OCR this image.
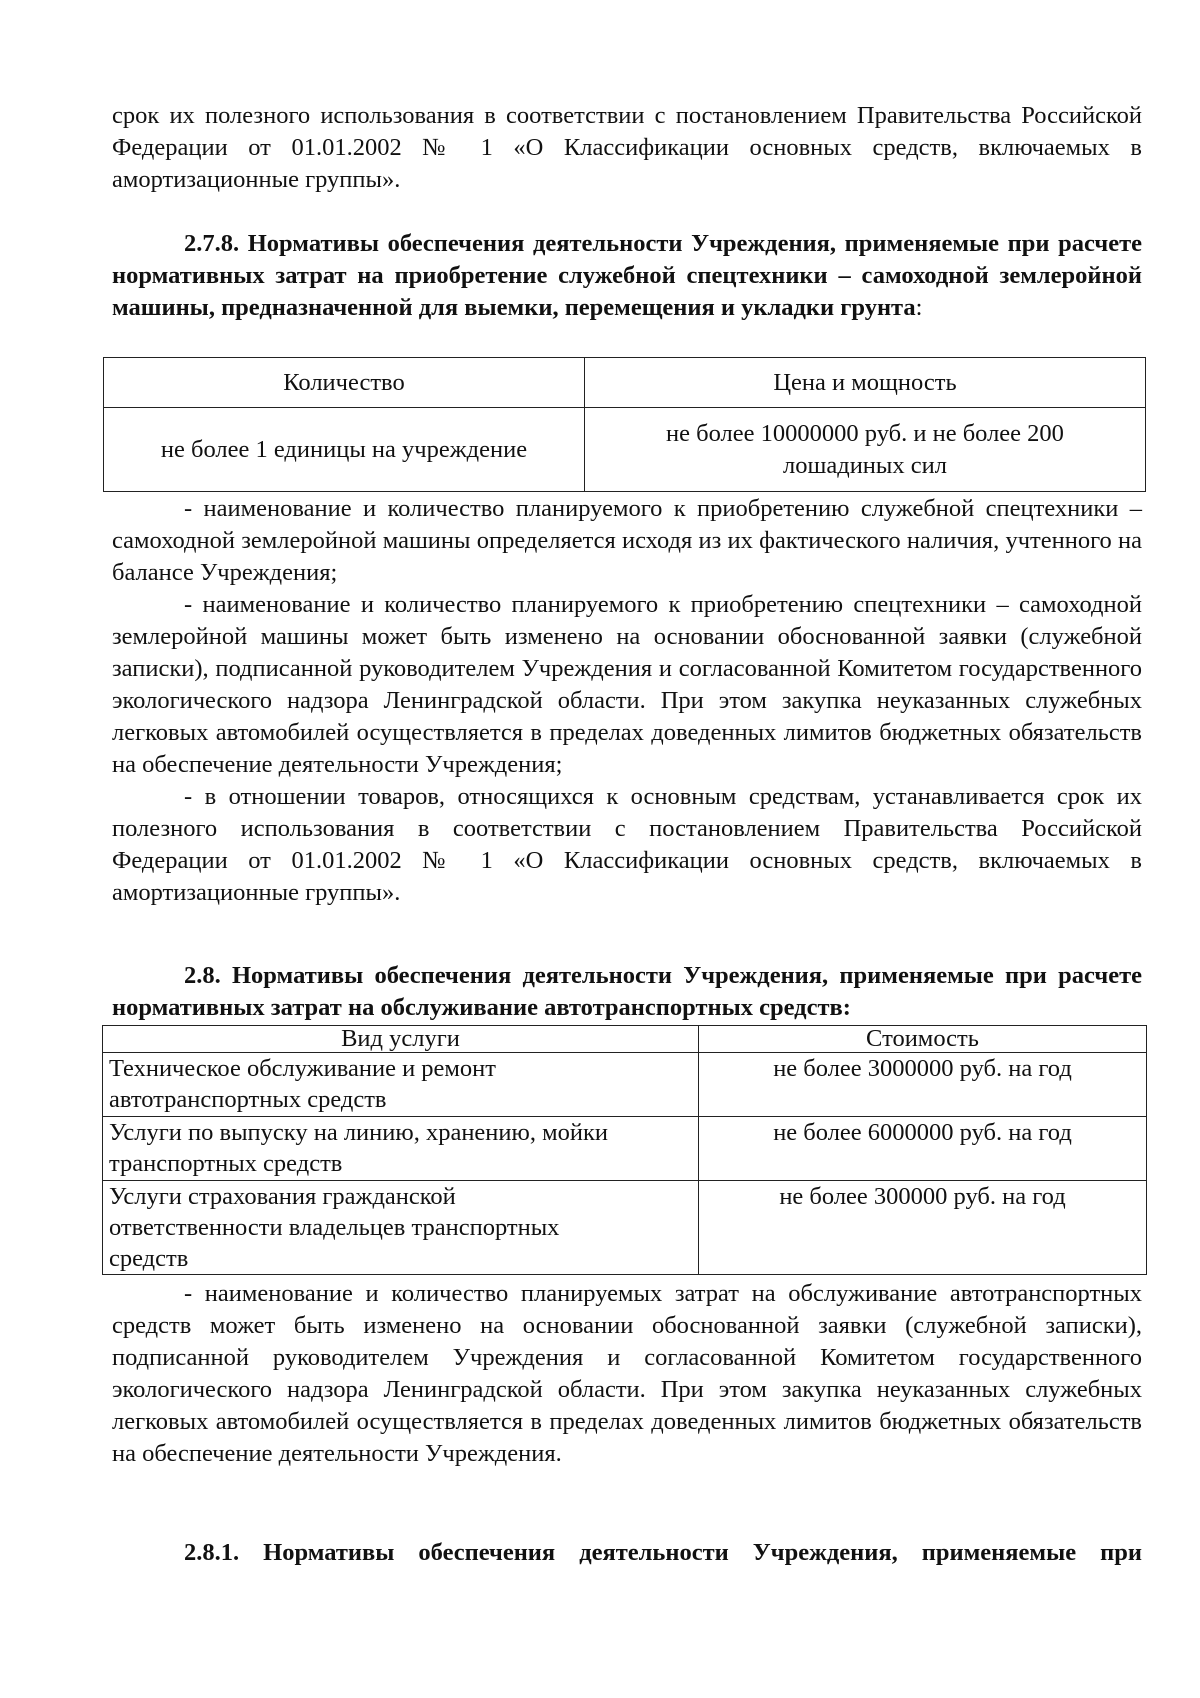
срок их полезного использования в соответствии с постановлением Правительства Российской Федерации от 01.01.2002 № 1 «О Классификации основных средств, включаемых в амортизационные группы».

2.7.8. Нормативы обеспечения деятельности Учреждения, применяемые при расчете нормативных затрат на приобретение служебной спецтехники – самоходной землеройной машины, предназначенной для выемки, перемещения и укладки грунта:

Количество	Цена и мощность
не более 1 единицы на учреждение	не более 10000000 руб. и не более 200 лошадиных сил

- наименование и количество планируемого к приобретению служебной спецтехники – самоходной землеройной машины определяется исходя из их фактического наличия, учтенного на балансе Учреждения;

- наименование и количество планируемого к приобретению спецтехники – самоходной землеройной машины может быть изменено на основании обоснованной заявки (служебной записки), подписанной руководителем Учреждения и согласованной Комитетом государственного экологического надзора Ленинградской области. При этом закупка неуказанных служебных легковых автомобилей осуществляется в пределах доведенных лимитов бюджетных обязательств на обеспечение деятельности Учреждения;

- в отношении товаров, относящихся к основным средствам, устанавливается срок их полезного использования в соответствии с постановлением Правительства Российской Федерации от 01.01.2002 № 1 «О Классификации основных средств, включаемых в амортизационные группы».

2.8. Нормативы обеспечения деятельности Учреждения, применяемые при расчете нормативных затрат на обслуживание автотранспортных средств:

Вид услуги	Стоимость
Техническое обслуживание и ремонт автотранспортных средств	не более 3000000 руб. на год
Услуги по выпуску на линию, хранению, мойки транспортных средств	не более 6000000 руб. на год
Услуги страхования гражданской ответственности владельцев транспортных средств	не более 300000 руб. на год

- наименование и количество планируемых затрат на обслуживание автотранспортных средств может быть изменено на основании обоснованной заявки (служебной записки), подписанной руководителем Учреждения и согласованной Комитетом государственного экологического надзора Ленинградской области. При этом закупка неуказанных служебных легковых автомобилей осуществляется в пределах доведенных лимитов бюджетных обязательств на обеспечение деятельности Учреждения.

2.8.1. Нормативы обеспечения деятельности Учреждения, применяемые при
